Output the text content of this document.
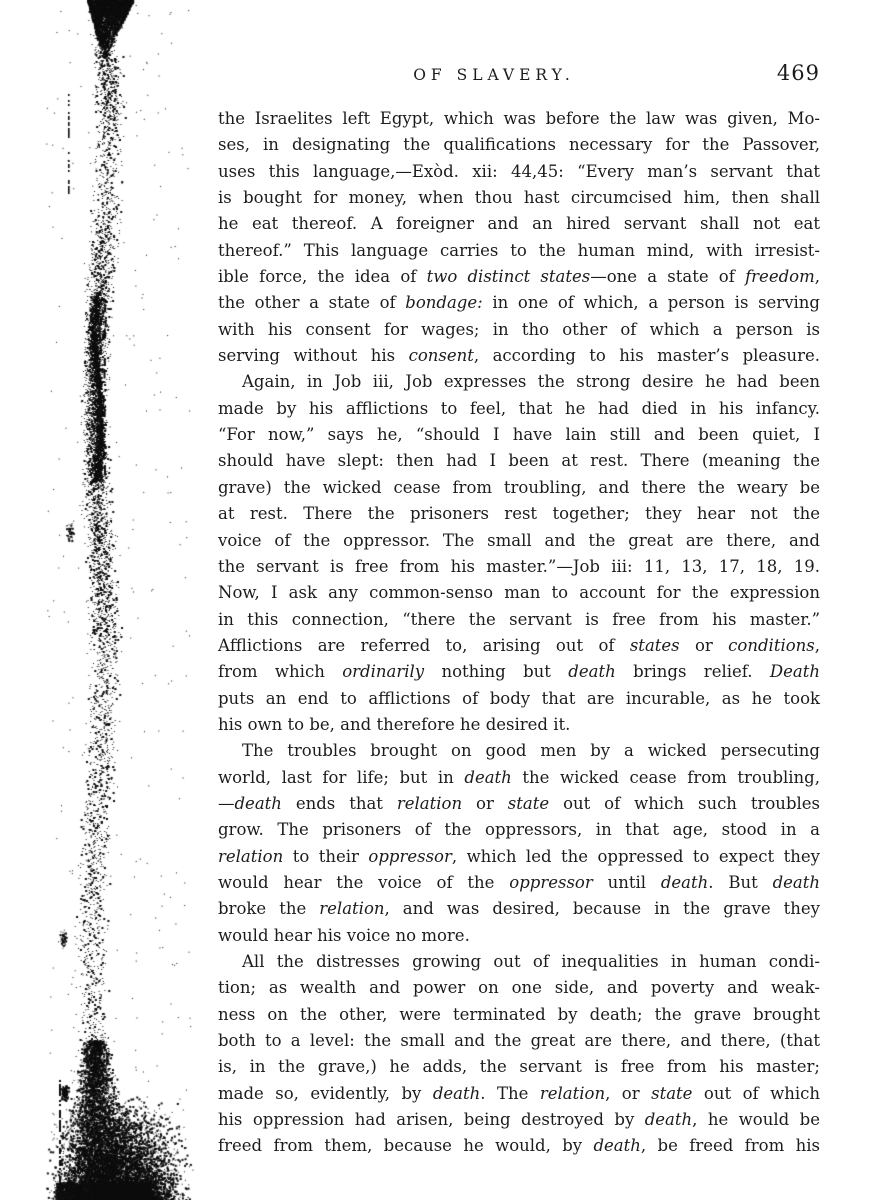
OF SLAVERY.	469
the Israelites left Egypt, which was before the law was given, Mo-
ses, in designating the qualifications necessary for the Passover,
uses this language,—Exòd. xii: 44,45: “Every man’s servant that
is bought for money, when thou hast circumcised him, then shall
he eat thereof. A foreigner and an hired servant shall not eat
thereof.” This language carries to the human mind, with irresist-
ible force, the idea of two distinct states—one a state of freedom,
the other a state of bondage: in one of which, a person is serving
with his consent for wages; in tho other of which a person is
serving without his consent, according to his master’s pleasure.
Again, in Job iii, Job expresses the strong desire he had been
made by his afflictions to feel, that he had died in his infancy.
“For now,” says he, “should I have lain still and been quiet, I
should have slept: then had I been at rest. There (meaning the
grave) the wicked cease from troubling, and there the weary be
at rest. There the prisoners rest together; they hear not the
voice of the oppressor. The small and the great are there, and
the servant is free from his master.”—Job iii: 11, 13, 17, 18, 19.
Now, I ask any common-senso man to account for the expression
in this connection, “there the servant is free from his master.”
Afflictions are referred to, arising out of states or conditions,
from which ordinarily nothing but death brings relief. Death
puts an end to afflictions of body that are incurable, as he took
his own to be, and therefore he desired it.
The troubles brought on good men by a wicked persecuting
world, last for life; but in death the wicked cease from troubling,
—death ends that relation or state out of which such troubles
grow. The prisoners of the oppressors, in that age, stood in a
relation to their oppressor, which led the oppressed to expect they
would hear the voice of the oppressor until death. But death
broke the relation, and was desired, because in the grave they
would hear his voice no more.
All the distresses growing out of inequalities in human condi-
tion; as wealth and power on one side, and poverty and weak-
ness on the other, were terminated by death; the grave brought
both to a level: the small and the great are there, and there, (that
is, in the grave,) he adds, the servant is free from his master;
made so, evidently, by death. The relation, or state out of which
his oppression had arisen, being destroyed by death, he would be
freed from them, because he would, by death, be freed from his
